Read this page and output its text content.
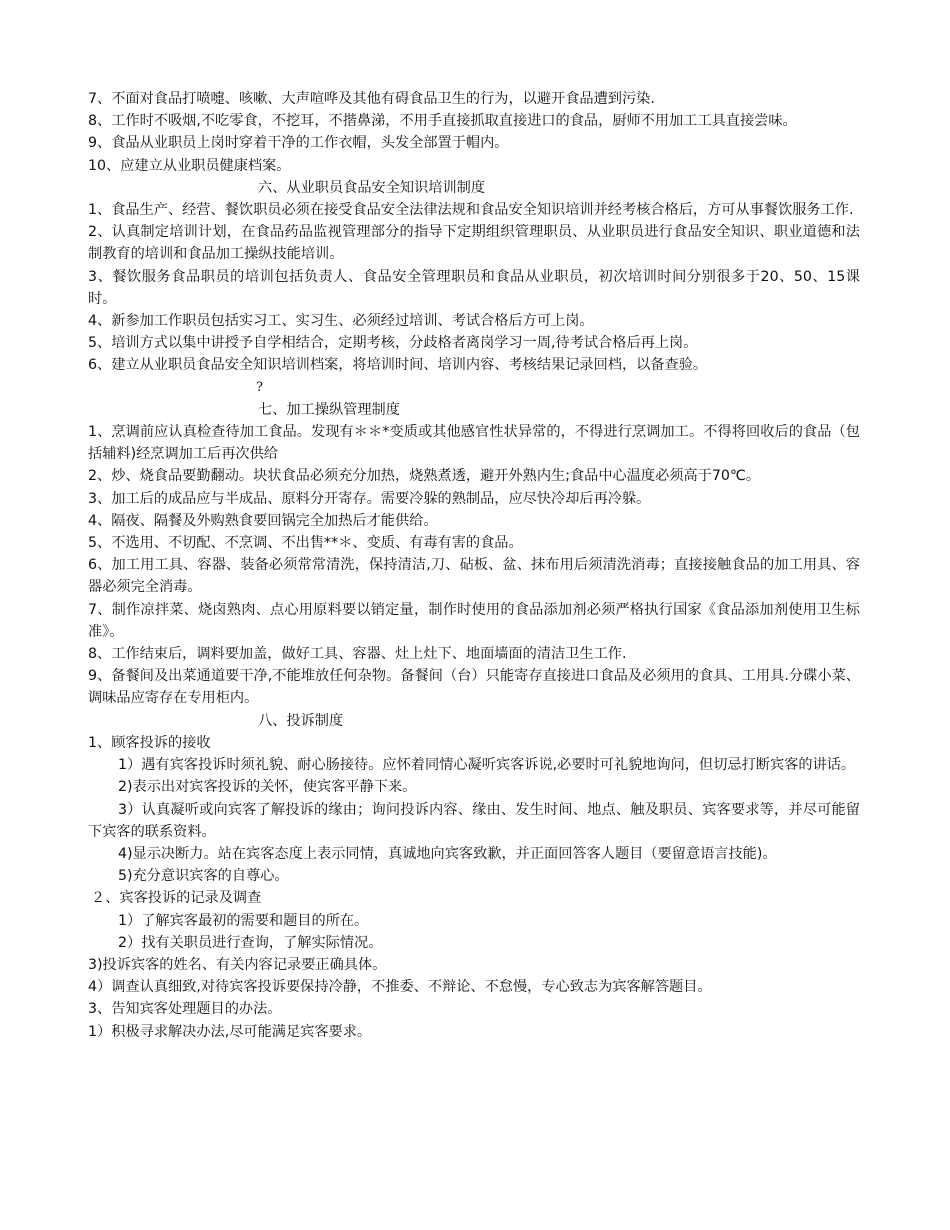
7、不面对食品打喷嚏、咳嗽、大声喧哗及其他有碍食品卫生的行为，以避开食品遭到污染.

8、工作时不吸烟,不吃零食，不挖耳，不揩鼻涕，不用手直接抓取直接进口的食品，厨师不用加工工具直接尝味。

9、食品从业职员上岗时穿着干净的工作衣帽，头发全部置于帽内。

10、应建立从业职员健康档案。

六、从业职员食品安全知识培训制度

1、食品生产、经营、餐饮职员必须在接受食品安全法律法规和食品安全知识培训并经考核合格后，方可从事餐饮服务工作.

2、认真制定培训计划，在食品药品监视管理部分的指导下定期组织管理职员、从业职员进行食品安全知识、职业道德和法制教育的培训和食品加工操纵技能培训。

3、餐饮服务食品职员的培训包括负责人、食品安全管理职员和食品从业职员，初次培训时间分别很多于20、50、15课时。

4、新参加工作职员包括实习工、实习生、必须经过培训、考试合格后方可上岗。

5、培训方式以集中讲授予自学相结合，定期考核，分歧格者离岗学习一周,待考试合格后再上岗。

6、建立从业职员食品安全知识培训档案，将培训时间、培训内容、考核结果记录回档，以备查验。

?

七、加工操纵管理制度

1、烹调前应认真检查待加工食品。发现有＊＊*变质或其他感官性状异常的，不得进行烹调加工。不得将回收后的食品（包括辅料)经烹调加工后再次供给

2、炒、烧食品要勤翻动。块状食品必须充分加热，烧熟煮透，避开外熟内生;食品中心温度必须高于70℃。

3、加工后的成品应与半成品、原料分开寄存。需要冷躲的熟制品，应尽快冷却后再冷躲。

4、隔夜、隔餐及外购熟食要回锅完全加热后才能供给。

5、不选用、不切配、不烹调、不出售**＊、变质、有毒有害的食品。

6、加工用工具、容器、装备必须常常清洗，保持清洁,刀、砧板、盆、抹布用后须清洗消毒；直接接触食品的加工用具、容器必须完全消毒。

7、制作凉拌菜、烧卤熟肉、点心用原料要以销定量，制作时使用的食品添加剂必须严格执行国家《食品添加剂使用卫生标准》。

8、工作结束后，调料要加盖，做好工具、容器、灶上灶下、地面墙面的清洁卫生工作.

9、备餐间及出菜通道要干净,不能堆放任何杂物。备餐间（台）只能寄存直接进口食品及必须用的食具、工用具.分碟小菜、调味品应寄存在专用柜内。

八、投诉制度

1、顾客投诉的接收

1）遇有宾客投诉时须礼貌、耐心肠接待。应怀着同情心凝听宾客诉说,必要时可礼貌地询问，但切忌打断宾客的讲话。

2)表示出对宾客投诉的关怀，使宾客平静下来。

3）认真凝听或向宾客了解投诉的缘由；询问投诉内容、缘由、发生时间、地点、触及职员、宾客要求等，并尽可能留下宾客的联系资料。

4)显示决断力。站在宾客态度上表示同情，真诚地向宾客致歉，并正面回答客人题目（要留意语言技能)。

5)充分意识宾客的自尊心。

２、宾客投诉的记录及调查

1）了解宾客最初的需要和题目的所在。

2）找有关职员进行查询，了解实际情况。

3)投诉宾客的姓名、有关内容记录要正确具体。

4）调查认真细致,对待宾客投诉要保持冷静，不推委、不辩论、不怠慢，专心致志为宾客解答题目。

3、告知宾客处理题目的办法。

1）积极寻求解决办法,尽可能满足宾客要求。
